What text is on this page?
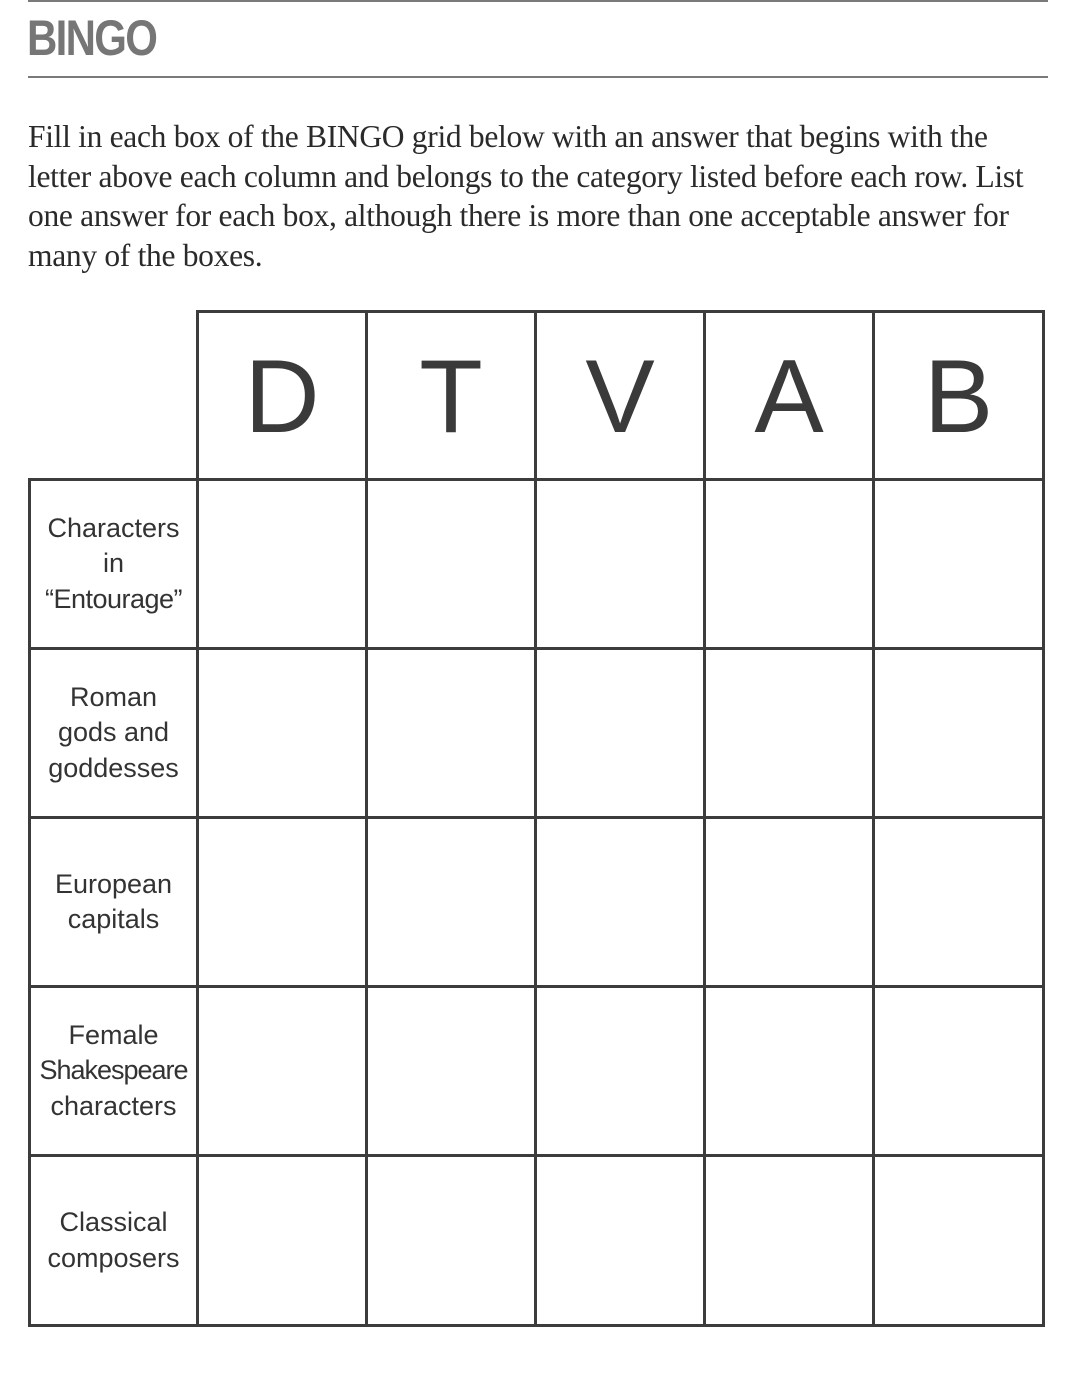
BINGO

Fill in each box of the BINGO grid below with an answer that begins with the letter above each column and belongs to the category listed before each row. List one answer for each box, although there is more than one acceptable answer for many of the boxes.

D T V A B
Characters
in
“Entourage”
Roman
gods and
goddesses
European
capitals
Female
Shakespeare
characters
Classical
composers
